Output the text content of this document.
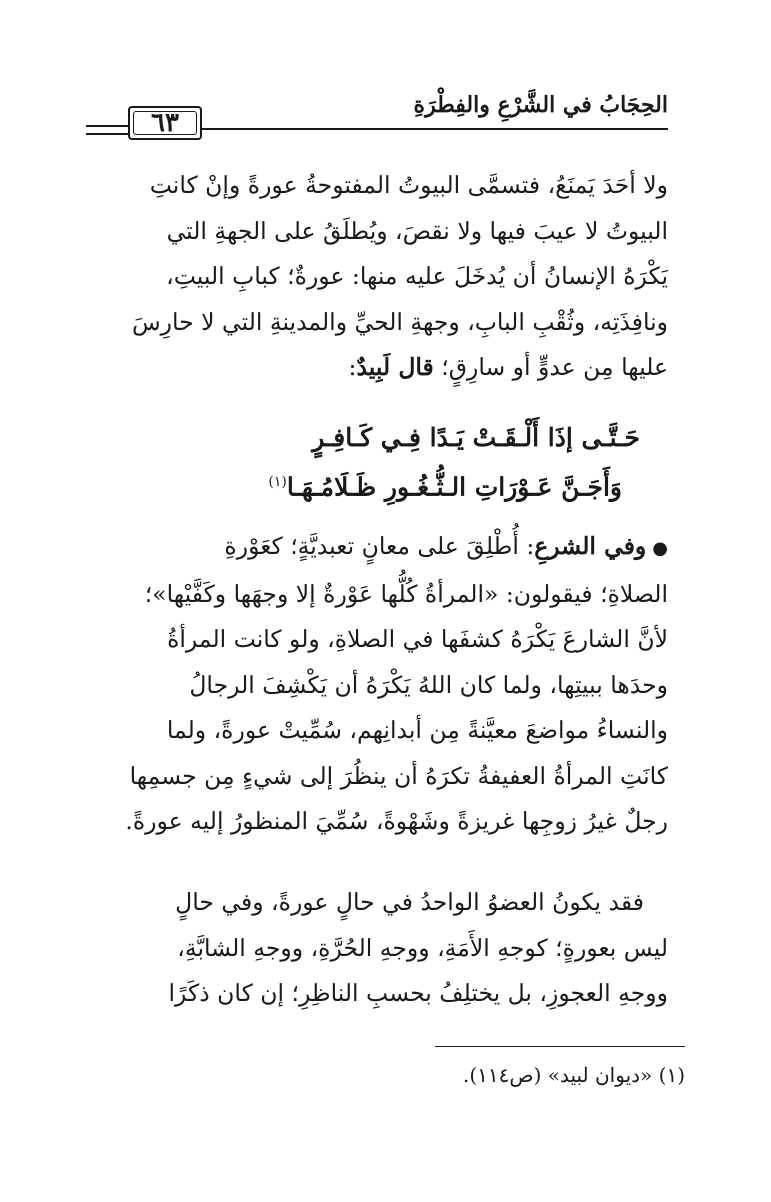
الحِجَابُ في الشَّرْعِ والفِطْرَةِ
٦٣

ولا أحَدَ يَمنَعُ، فتسمَّى البيوتُ المفتوحةُ عورةً وإنْ كانتِ

البيوتُ لا عيبَ فيها ولا نقصَ، ويُطلَقُ على الجهةِ التي

يَكْرَهُ الإنسانُ أن يُدخَلَ عليه منها: عورةٌ؛ كبابِ البيتِ،

ونافِذَتِه، وثُقْبِ البابِ، وجهةِ الحيِّ والمدينةِ التي لا حارِسَ

عليها مِن عدوٍّ أو سارِقٍ؛ قال لَبِيدٌ:

حَـتَّـى إذَا أَلْـقَـتْ يَـدًا فِـي كَـافِـرٍ
وَأَجَـنَّ عَـوْرَاتِ الـثُّـغُـورِ ظَـلَامُـهَـا$^{(١)}$

●وفي الشرعِ: أُطْلِقَ على معانٍ تعبديَّةٍ؛ كعَوْرةِ

الصلاةِ؛ فيقولون: «المرأةُ كُلُّها عَوْرةٌ إلا وجهَها وكَفَّيْها»؛

لأنَّ الشارعَ يَكْرَهُ كشفَها في الصلاةِ، ولو كانت المرأةُ

وحدَها ببيتِها، ولما كان اللهُ يَكْرَهُ أن يَكْشِفَ الرجالُ

والنساءُ مواضعَ معيَّنةً مِن أبدانِهم، سُمِّيتْ عورةً، ولما

كانَتِ المرأةُ العفيفةُ تكرَهُ أن ينظُرَ إلى شيءٍ مِن جسمِها

رجلٌ غيرُ زوجِها غريزةً وشَهْوةً، سُمِّيَ المنظورُ إليه عورةً.

فقد يكونُ العضوُ الواحدُ في حالٍ عورةً، وفي حالٍ

ليس بعورةٍ؛ كوجهِ الأَمَةِ، ووجهِ الحُرَّةِ، ووجهِ الشابَّةِ،

ووجهِ العجوزِ، بل يختلِفُ بحسبِ الناظِرِ؛ إن كان ذكَرًا

(١) «ديوان لبيد» (ص١١٤).
